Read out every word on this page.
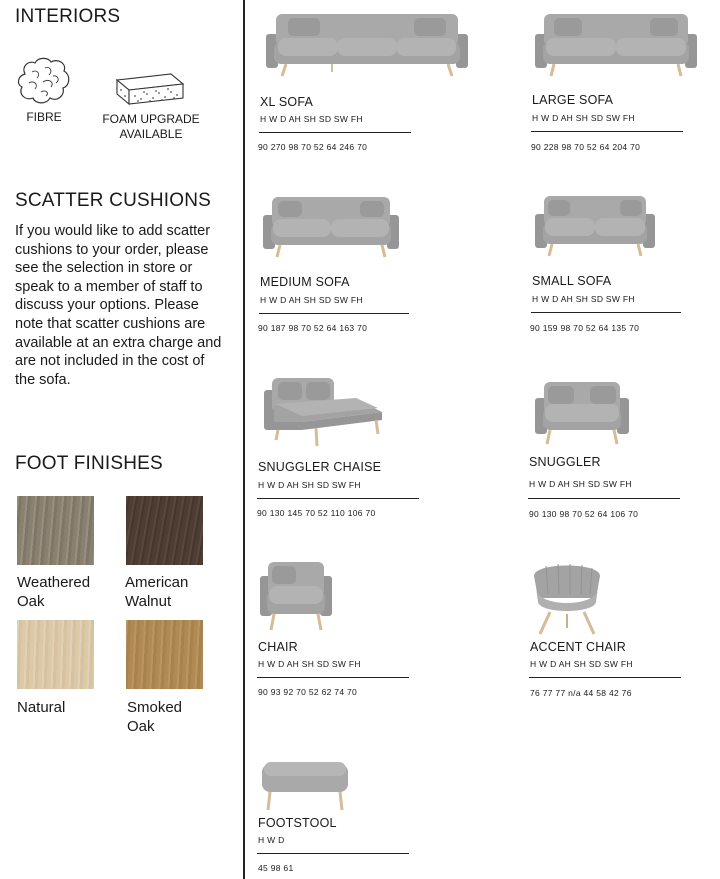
INTERIORS
FIBRE	FOAM UPGRADE
AVAILABLE
SCATTER CUSHIONS
If you would like to add scatter cushions to your order, please see the selection in store or speak to a member of staff to discuss your options. Please note that scatter cushions are available at an extra charge and are not included in the cost of the sofa.
FOOT FINISHES
Weathered
Oak
American
Walnut
Natural	Smoked
Oak
XL SOFA
H W D AH SH SD SW FH
90 270 98 70 52 64 246 70
LARGE SOFA
H W D AH SH SD SW FH
90 228 98 70 52 64 204 70
MEDIUM SOFA
H W D AH SH SD SW FH
90 187 98 70 52 64 163 70
SMALL SOFA
H W D AH SH SD SW FH
90 159 98 70 52 64 135 70
SNUGGLER CHAISE
H W D AH SH SD SW FH
90 130 145 70 52 110 106 70
SNUGGLER
H W D AH SH SD SW FH
90 130 98 70 52 64 106 70
CHAIR
H W D AH SH SD SW FH
90 93 92 70 52 62 74 70
ACCENT CHAIR
H W D AH SH SD SW FH
76 77 77 n/a 44 58 42 76
FOOTSTOOL
H W D
45 98 61
